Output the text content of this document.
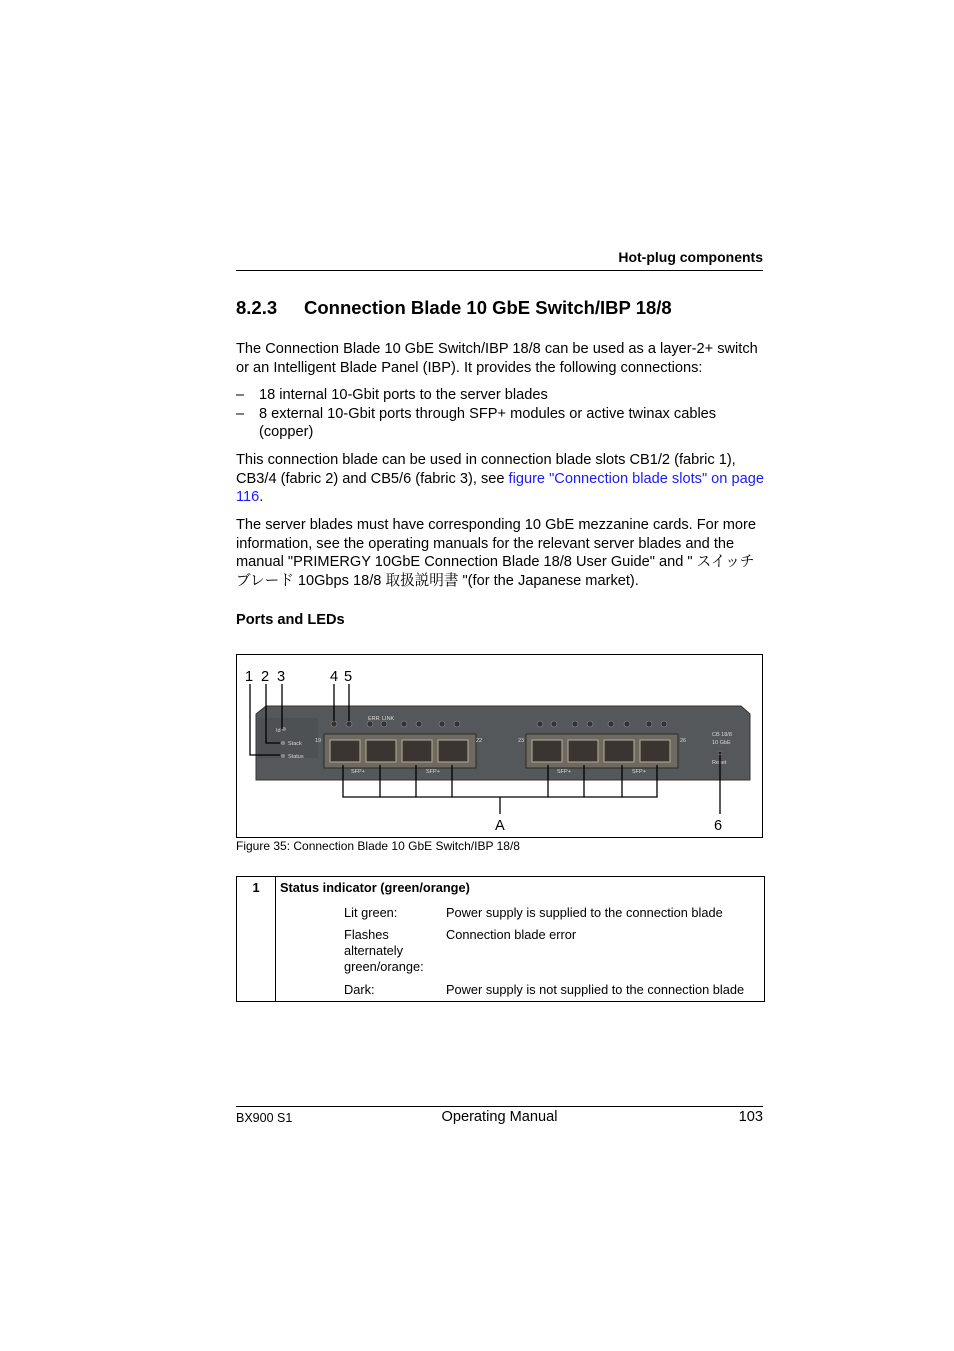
Hot-plug components
8.2.3 Connection Blade 10 GbE Switch/IBP 18/8
The Connection Blade 10 GbE Switch/IBP 18/8 can be used as a layer-2+ switch or an Intelligent Blade Panel (IBP). It provides the following connections:
– 18 internal 10-Gbit ports to the server blades
– 8 external 10-Gbit ports through SFP+ modules or active twinax cables (copper)
This connection blade can be used in connection blade slots CB1/2 (fabric 1), CB3/4 (fabric 2) and CB5/6 (fabric 3), see figure "Connection blade slots" on page 116.
The server blades must have corresponding 10 GbE mezzanine cards. For more information, see the operating manuals for the relevant server blades and the manual "PRIMERGY 10GbE Connection Blade 18/8 User Guide" and " スイッチブレード 10Gbps 18/8 取扱説明書 "(for the Japanese market).
Ports and LEDs
Id
Stack
Status
ERR LINK
19	22
SFP+	SFP+
23	26
SFP+	SFP+
CB 18/8
10 GbE
Reset
1 2 3	4 5
A	6
Figure 35: Connection Blade 10 GbE Switch/IBP 18/8
1	Status indicator (green/orange)	
	Lit green:	Power supply is supplied to the connection blade
	Flashes alternately green/orange:	Connection blade error
	Dark:	Power supply is not supplied to the connection blade
BX900 S1	Operating Manual	103
